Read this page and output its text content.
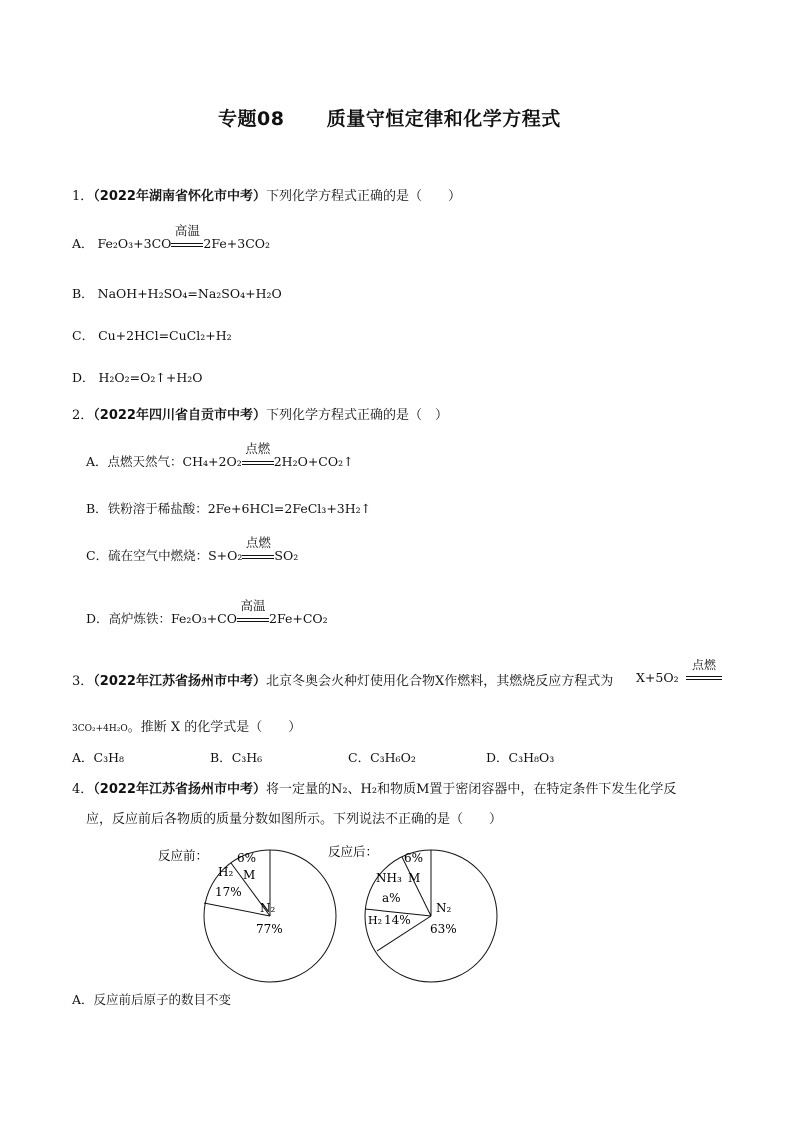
专题08 质量守恒定律和化学方程式
1．（2022年湖南省怀化市中考）下列化学方程式正确的是（　　）
A． Fe₂O₃+3CO
高温
2Fe+3CO₂
B． NaOH+H₂SO₄=Na₂SO₄+H₂O
C． Cu+2HCl=CuCl₂+H₂
D． H₂O₂=O₂↑+H₂O
2．（2022年四川省自贡市中考）下列化学方程式正确的是（　）
A．点燃天然气：CH₄+2O₂
点燃
2H₂O+CO₂↑
B．铁粉溶于稀盐酸：2Fe+6HCl=2FeCl₃+3H₂↑
C．硫在空气中燃烧：S+O₂
点燃
SO₂
D．高炉炼铁：Fe₂O₃+CO
高温
2Fe+CO₂
3．（2022年江苏省扬州市中考）北京冬奥会火种灯使用化合物X作燃料，其燃烧反应方程式为 X+5O₂
点燃
3CO₂+4H₂O。推断 X 的化学式是（　　）
A．C₃H₈	B．C₃H₆	C．C₃H₆O₂	D．C₃H₈O₃
4．（2022年江苏省扬州市中考）将一定量的N₂、H₂和物质M置于密闭容器中，在特定条件下发生化学反
应，反应前后各物质的质量分数如图所示。下列说法不正确的是（　　）
反应前： 6%
M
H₂
17%
N₂
77%
反应后： 6%
M
NH₃
a%
H₂ 14%
N₂
63%
A．反应前后原子的数目不变
